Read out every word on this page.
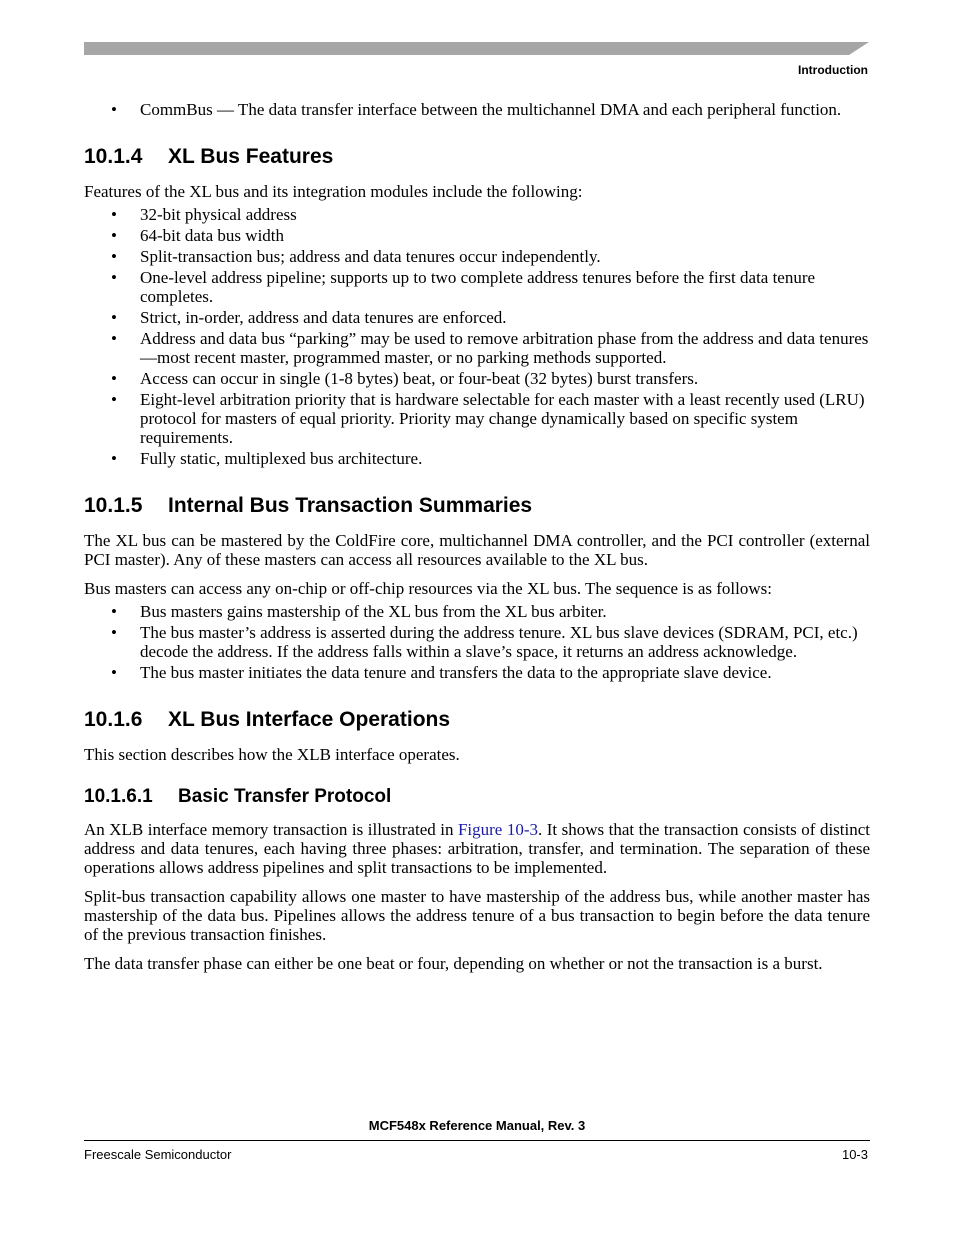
Introduction
• CommBus — The data transfer interface between the multichannel DMA and each peripheral function.
10.1.4 XL Bus Features

Features of the XL bus and its integration modules include the following:

• 32-bit physical address
• 64-bit data bus width
• Split-transaction bus; address and data tenures occur independently.
• One-level address pipeline; supports up to two complete address tenures before the first data tenure completes.
• Strict, in-order, address and data tenures are enforced.
• Address and data bus “parking” may be used to remove arbitration phase from the address and data tenures—most recent master, programmed master, or no parking methods supported.
• Access can occur in single (1-8 bytes) beat, or four-beat (32 bytes) burst transfers.
• Eight-level arbitration priority that is hardware selectable for each master with a least recently used (LRU) protocol for masters of equal priority. Priority may change dynamically based on specific system requirements.
• Fully static, multiplexed bus architecture.
10.1.5 Internal Bus Transaction Summaries

The XL bus can be mastered by the ColdFire core, multichannel DMA controller, and the PCI controller (external PCI master). Any of these masters can access all resources available to the XL bus.

Bus masters can access any on-chip or off-chip resources via the XL bus. The sequence is as follows:

• Bus masters gains mastership of the XL bus from the XL bus arbiter.
• The bus master’s address is asserted during the address tenure. XL bus slave devices (SDRAM, PCI, etc.) decode the address. If the address falls within a slave’s space, it returns an address acknowledge.
• The bus master initiates the data tenure and transfers the data to the appropriate slave device.
10.1.6 XL Bus Interface Operations

This section describes how the XLB interface operates.

10.1.6.1 Basic Transfer Protocol

An XLB interface memory transaction is illustrated in Figure 10-3. It shows that the transaction consists of distinct address and data tenures, each having three phases: arbitration, transfer, and termination. The separation of these operations allows address pipelines and split transactions to be implemented.

Split-bus transaction capability allows one master to have mastership of the address bus, while another master has mastership of the data bus. Pipelines allows the address tenure of a bus transaction to begin before the data tenure of the previous transaction finishes.

The data transfer phase can either be one beat or four, depending on whether or not the transaction is a burst.

MCF548x Reference Manual, Rev. 3
Freescale Semiconductor	10-3
